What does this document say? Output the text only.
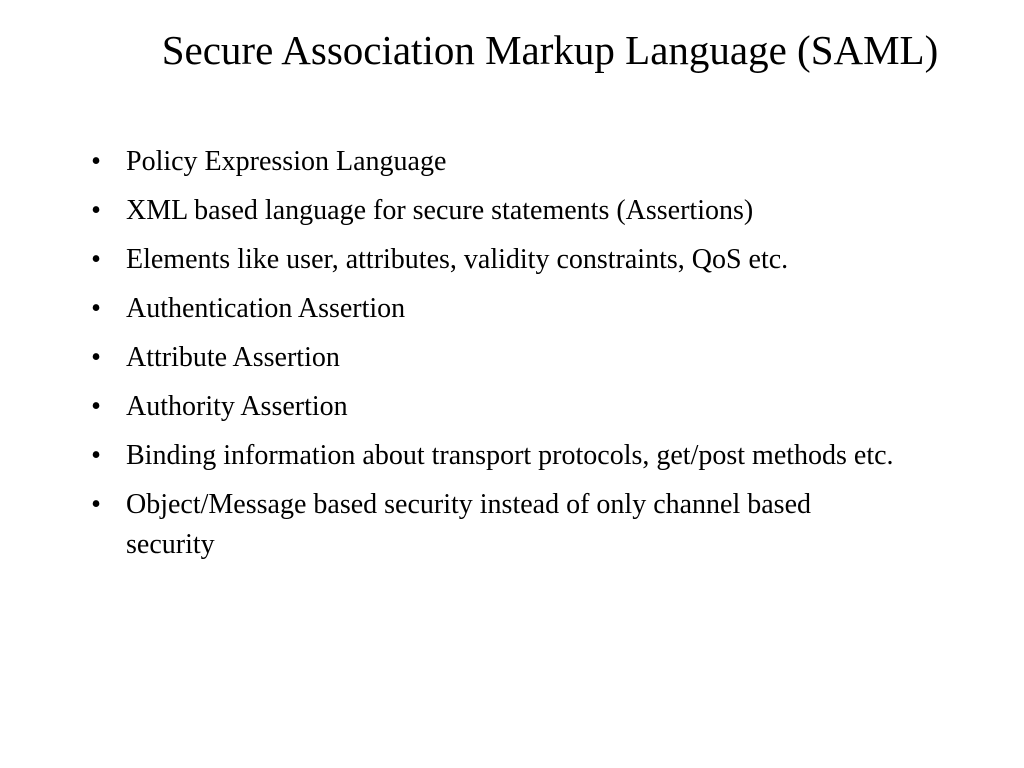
Secure Association Markup Language (SAML)
• Policy Expression Language
• XML based language for secure statements (Assertions)
• Elements like user, attributes, validity constraints, QoS etc.
• Authentication Assertion
• Attribute Assertion
• Authority Assertion
• Binding information about transport protocols, get/post methods etc.
• Object/Message based security instead of only channel based security
